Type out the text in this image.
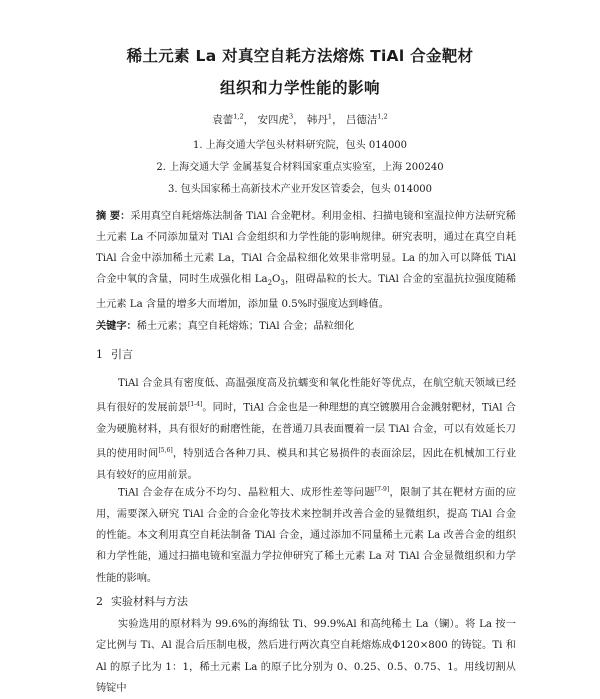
稀土元素 La 对真空自耗方法熔炼 TiAl 合金靶材
组织和力学性能的影响
袁蕾$^{1,2}$， 安四虎$^3$， 韩丹$^1$， 吕德洁$^{1,2}$
1. 上海交通大学包头材料研究院，包头 014000
2. 上海交通大学 金属基复合材料国家重点实验室，上海 200240
3. 包头国家稀土高新技术产业开发区管委会，包头 014000
摘 要：采用真空自耗熔炼法制备 TiAl 合金靶材。利用金相、扫描电镜和室温拉伸方法研究稀土元素 La 不同添加量对 TiAl 合金组织和力学性能的影响规律。研究表明，通过在真空自耗 TiAl 合金中添加稀土元素 La，TiAl 合金晶粒细化效果非常明显。La 的加入可以降低 TiAl 合金中氧的含量，同时生成强化相 $La_2O_3$，阻碍晶粒的长大。TiAl 合金的室温抗拉强度随稀土元素 La 含量的增多大而增加，添加量 0.5%时强度达到峰值。
关键字：稀土元素；真空自耗熔炼；TiAl 合金；晶粒细化
1 引言
TiAl 合金具有密度低、高温强度高及抗蠕变和氧化性能好等优点，在航空航天领域已经具有很好的发展前景[1-4]。同时，TiAl 合金也是一种理想的真空镀膜用合金溅射靶材，TiAl 合金为硬脆材料，具有很好的耐磨性能，在普通刀具表面覆着一层 TiAl 合金，可以有效延长刀具的使用时间[5,6]，特别适合各种刀具、模具和其它易损件的表面涂层，因此在机械加工行业具有较好的应用前景。
TiAl 合金存在成分不均匀、晶粒粗大、成形性差等问题[7-9]，限制了其在靶材方面的应用，需要深入研究 TiAl 合金的合金化等技术来控制并改善合金的显微组织，提高 TiAl 合金的性能。本文利用真空自耗法制备 TiAl 合金，通过添加不同量稀土元素 La 改善合金的组织和力学性能，通过扫描电镜和室温力学拉伸研究了稀土元素 La 对 TiAl 合金显微组织和力学性能的影响。
2 实验材料与方法
实验选用的原材料为 99.6%的海绵钛 Ti、99.9%Al 和高纯稀土 La（镧）。将 La 按一定比例与 Ti、Al 混合后压制电极，然后进行两次真空自耗熔炼成Φ120×800 的铸锭。Ti 和 Al 的原子比为 1：1，稀土元素 La 的原子比分别为 0、0.25、0.5、0.75、1。用线切割从铸锭中
